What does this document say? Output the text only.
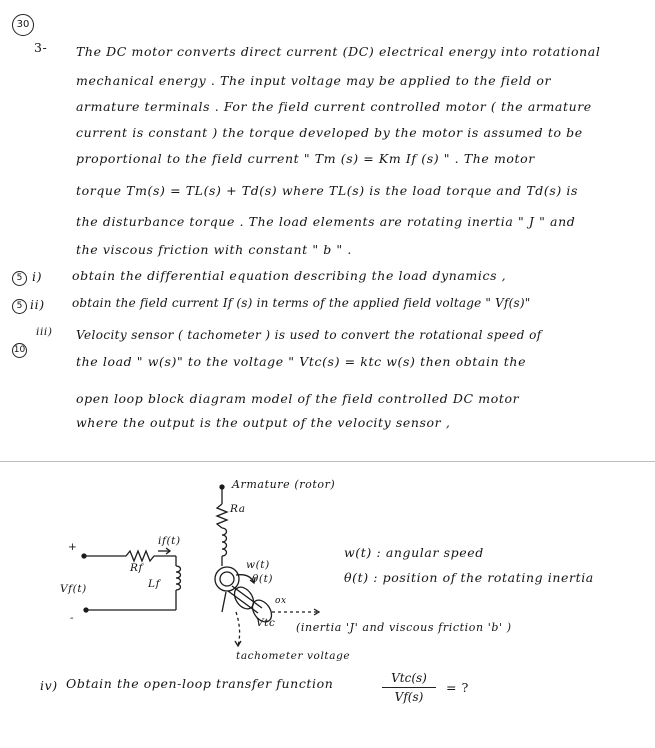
30
3- The DC motor converts direct current (DC) electrical energy into rotational
mechanical energy . The input voltage may be applied to the field or
armature terminals . For the field current controlled motor ( the armature
current is constant ) the torque developed by the motor is assumed to be
proportional to the field current " Tm (s) = Km If (s) " . The motor
torque Tm(s) = TL(s) + Td(s) where TL(s) is the load torque and Td(s) is
the disturbance torque . The load elements are rotating inertia " J " and
the viscous friction with constant " b " .
5 i) obtain the differential equation describing the load dynamics ,
5 ii) obtain the field current If (s) in terms of the applied field voltage " Vf(s)"
10
iii) Velocity sensor ( tachometer ) is used to convert the rotational speed of
the load " w(s)" to the voltage " Vtc(s) = ktc w(s) then obtain the
open loop block diagram model of the field controlled DC motor
where the output is the output of the velocity sensor ,
Armature (rotor)
Ra
if(t)
Rf
Lf
Vf(t)
+
-
w(t)
θ(t)
ox
Vtc (inertia 'J' and viscous friction 'b' )
tachometer voltage
w(t) : angular speed
θ(t) : position of the rotating inertia
iv) Obtain the open-loop transfer function	Vtc(s)
Vf(s)
= ?
